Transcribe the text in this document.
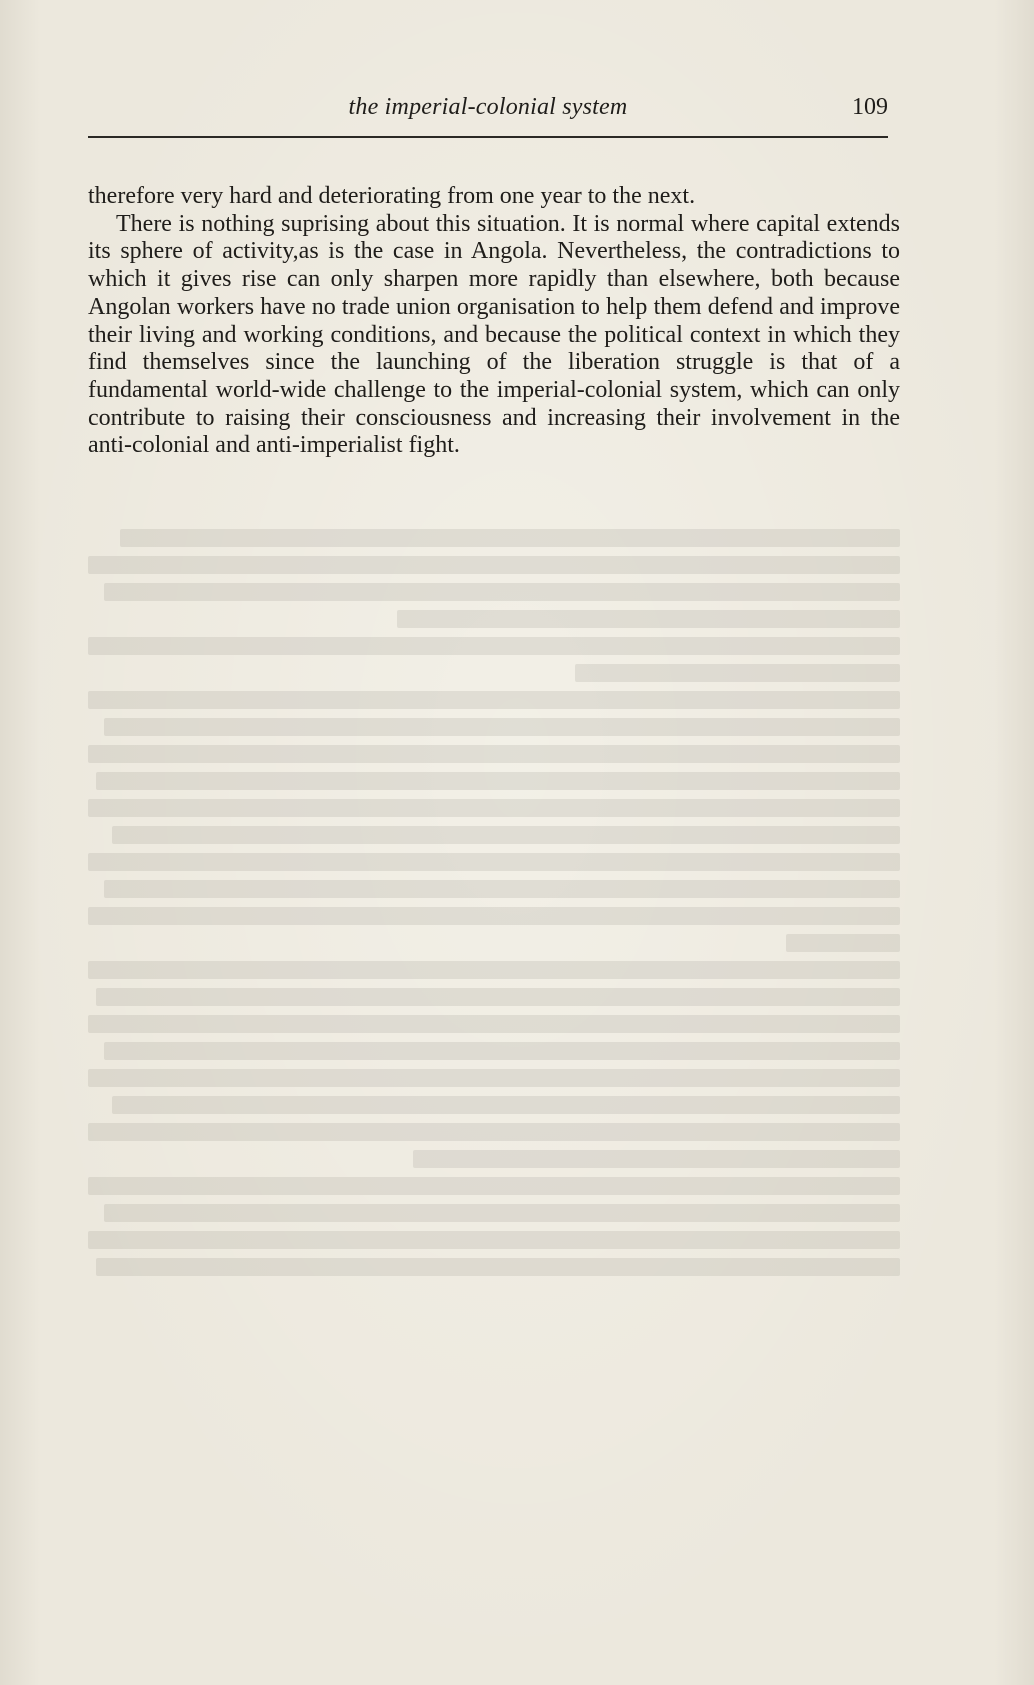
the imperial-colonial system	109

therefore very hard and deteriorating from one year to the next.

There is nothing suprising about this situation. It is normal where capital extends its sphere of activity,as is the case in Angola. Nevertheless, the contradictions to which it gives rise can only sharpen more rapidly than elsewhere, both because Angolan workers have no trade union organisation to help them defend and improve their living and working conditions, and because the political context in which they find themselves since the launching of the liberation struggle is that of a fundamental world-wide challenge to the imperial-colonial system, which can only contribute to raising their consciousness and increasing their involvement in the anti-colonial and anti-imperialist fight.
